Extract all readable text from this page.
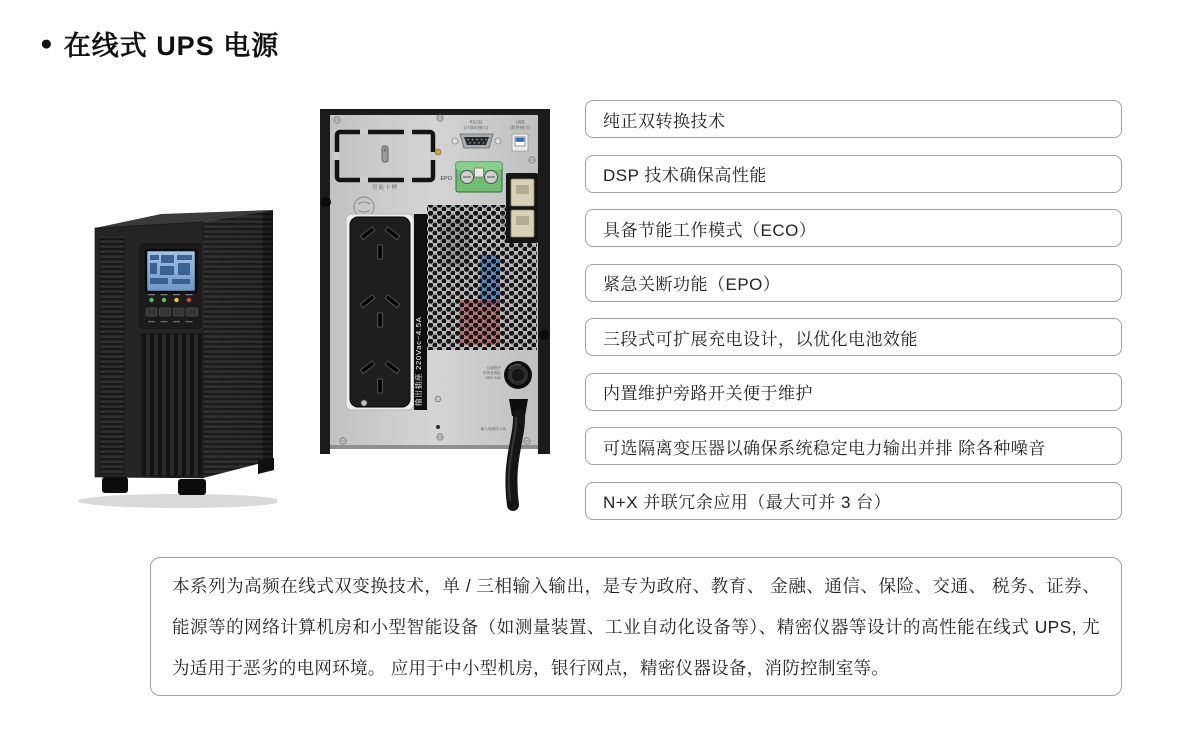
● 在线式 UPS 电源
智能卡槽
RS232
(计算机接口)
USB
(软件接口)
EPO
电池接口
输出插座 220Vac~4.5A	过载保护
可恢复保险
250V 10A
输入电源线 10A
纯正双转换技术
DSP 技术确保高性能
具备节能工作模式（ECO）
紧急关断功能（EPO）
三段式可扩展充电设计，以优化电池效能
内置维护旁路开关便于维护
可选隔离变压器以确保系统稳定电力输出并排 除各种噪音
N+X 并联冗余应用（最大可并 3 台）
本系列为高频在线式双变换技术，单 / 三相输入输出，是专为政府、教育、 金融、通信、保险、交通、 税务、证券、能源等的网络计算机房和小型智能设备（如测量装置、工业自动化设备等）、精密仪器等设计的高性能在线式 UPS, 尤为适用于恶劣的电网环境。 应用于中小型机房，银行网点，精密仪器设备，消防控制室等。
